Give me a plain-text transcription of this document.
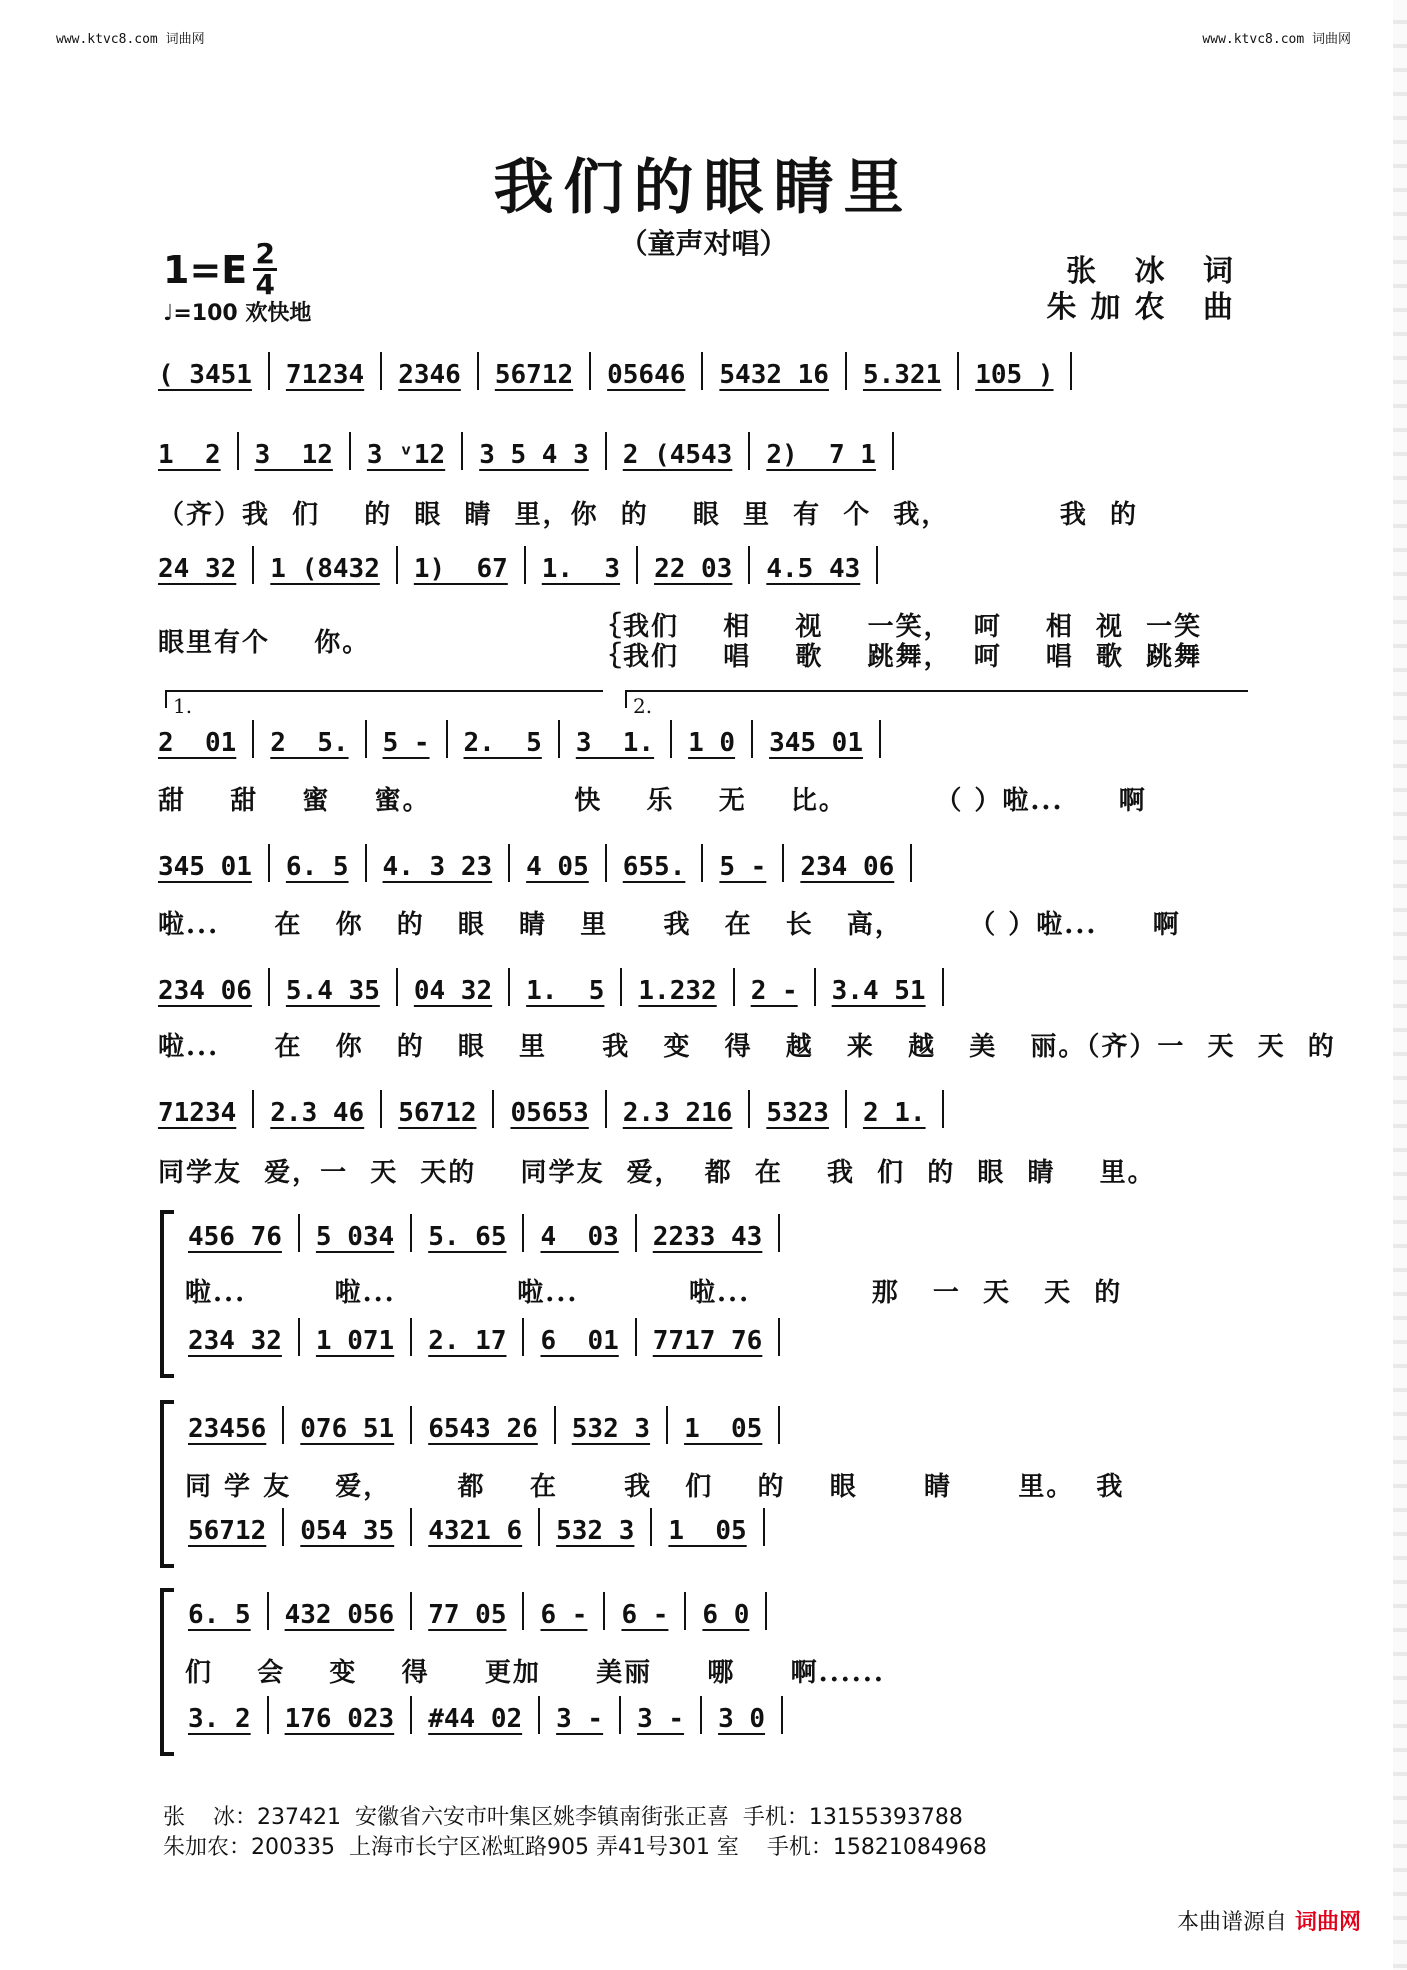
www.ktvc8.com 词曲网	www.ktvc8.com 词曲网
我们的眼睛里
（童声对唱）
$1=E \frac{2}{4}$
♩=100 欢快地
张 冰 词
朱加农 曲
( 3451 71234 2346 56712 05646 5432 16 5.321 105 )
1  2 3  12 3 ᵛ12 3 5 4 3 2 (4543 2)  7 1
24 32 1 (8432 1)  67 1.  3 22 03 4.5 43
2  01 2  5. 5 - 2.  5 3  1. 1 0 345 01
345 01 6. 5 4. 3 23 4 05 655. 5 - 234 06
234 06 5.4 35 04 32 1.  5 1.232 2 - 3.4 51
71234 2.3 46 56712 05653 2.3 216 5323 2 1.
456 76 5 034 5. 65 4  03 2233 43
234 32 1 071 2. 17 6  01 7717 76
23456 076 51 6543 26 532 3 1  05
56712 054 35 4321 6 532 3 1  05
6. 5 432 056 77 05 6 - 6 - 6 0
3. 2 176 023 #44 02 3 - 3 - 3 0
1.	2.
（齐）我  们    的  眼  睛  里，你  的    眼  里  有  个  我，          我  的
眼里有个    你。
｛我们    相    视    一笑，  呵    相  视  一笑
｛我们    唱    歌    跳舞，  呵    唱  歌  跳舞
甜    甜    蜜    蜜。             快    乐    无    比。        （ ）啦...     啊
啦...     在   你   的   眼   睛   里     我   在   长   高，      （ ）啦...     啊
啦...     在   你   的   眼   里     我   变   得   越   来   越   美   丽。（齐）一  天  天  的
同学友  爱，一  天  天的    同学友  爱，  都  在    我  们  的  眼  睛    里。
啦...        啦...           啦...          啦...           那   一  天   天  的
同 学 友    爱，      都    在      我   们    的    眼      睛      里。  我
们    会    变    得     更加     美丽     哪     啊......
张    冰：237421  安徽省六安市叶集区姚李镇南街张正喜  手机：13155393788
朱加农：200335  上海市长宁区凇虹路905 弄41号301 室    手机：15821084968
本曲谱源自 词曲网
